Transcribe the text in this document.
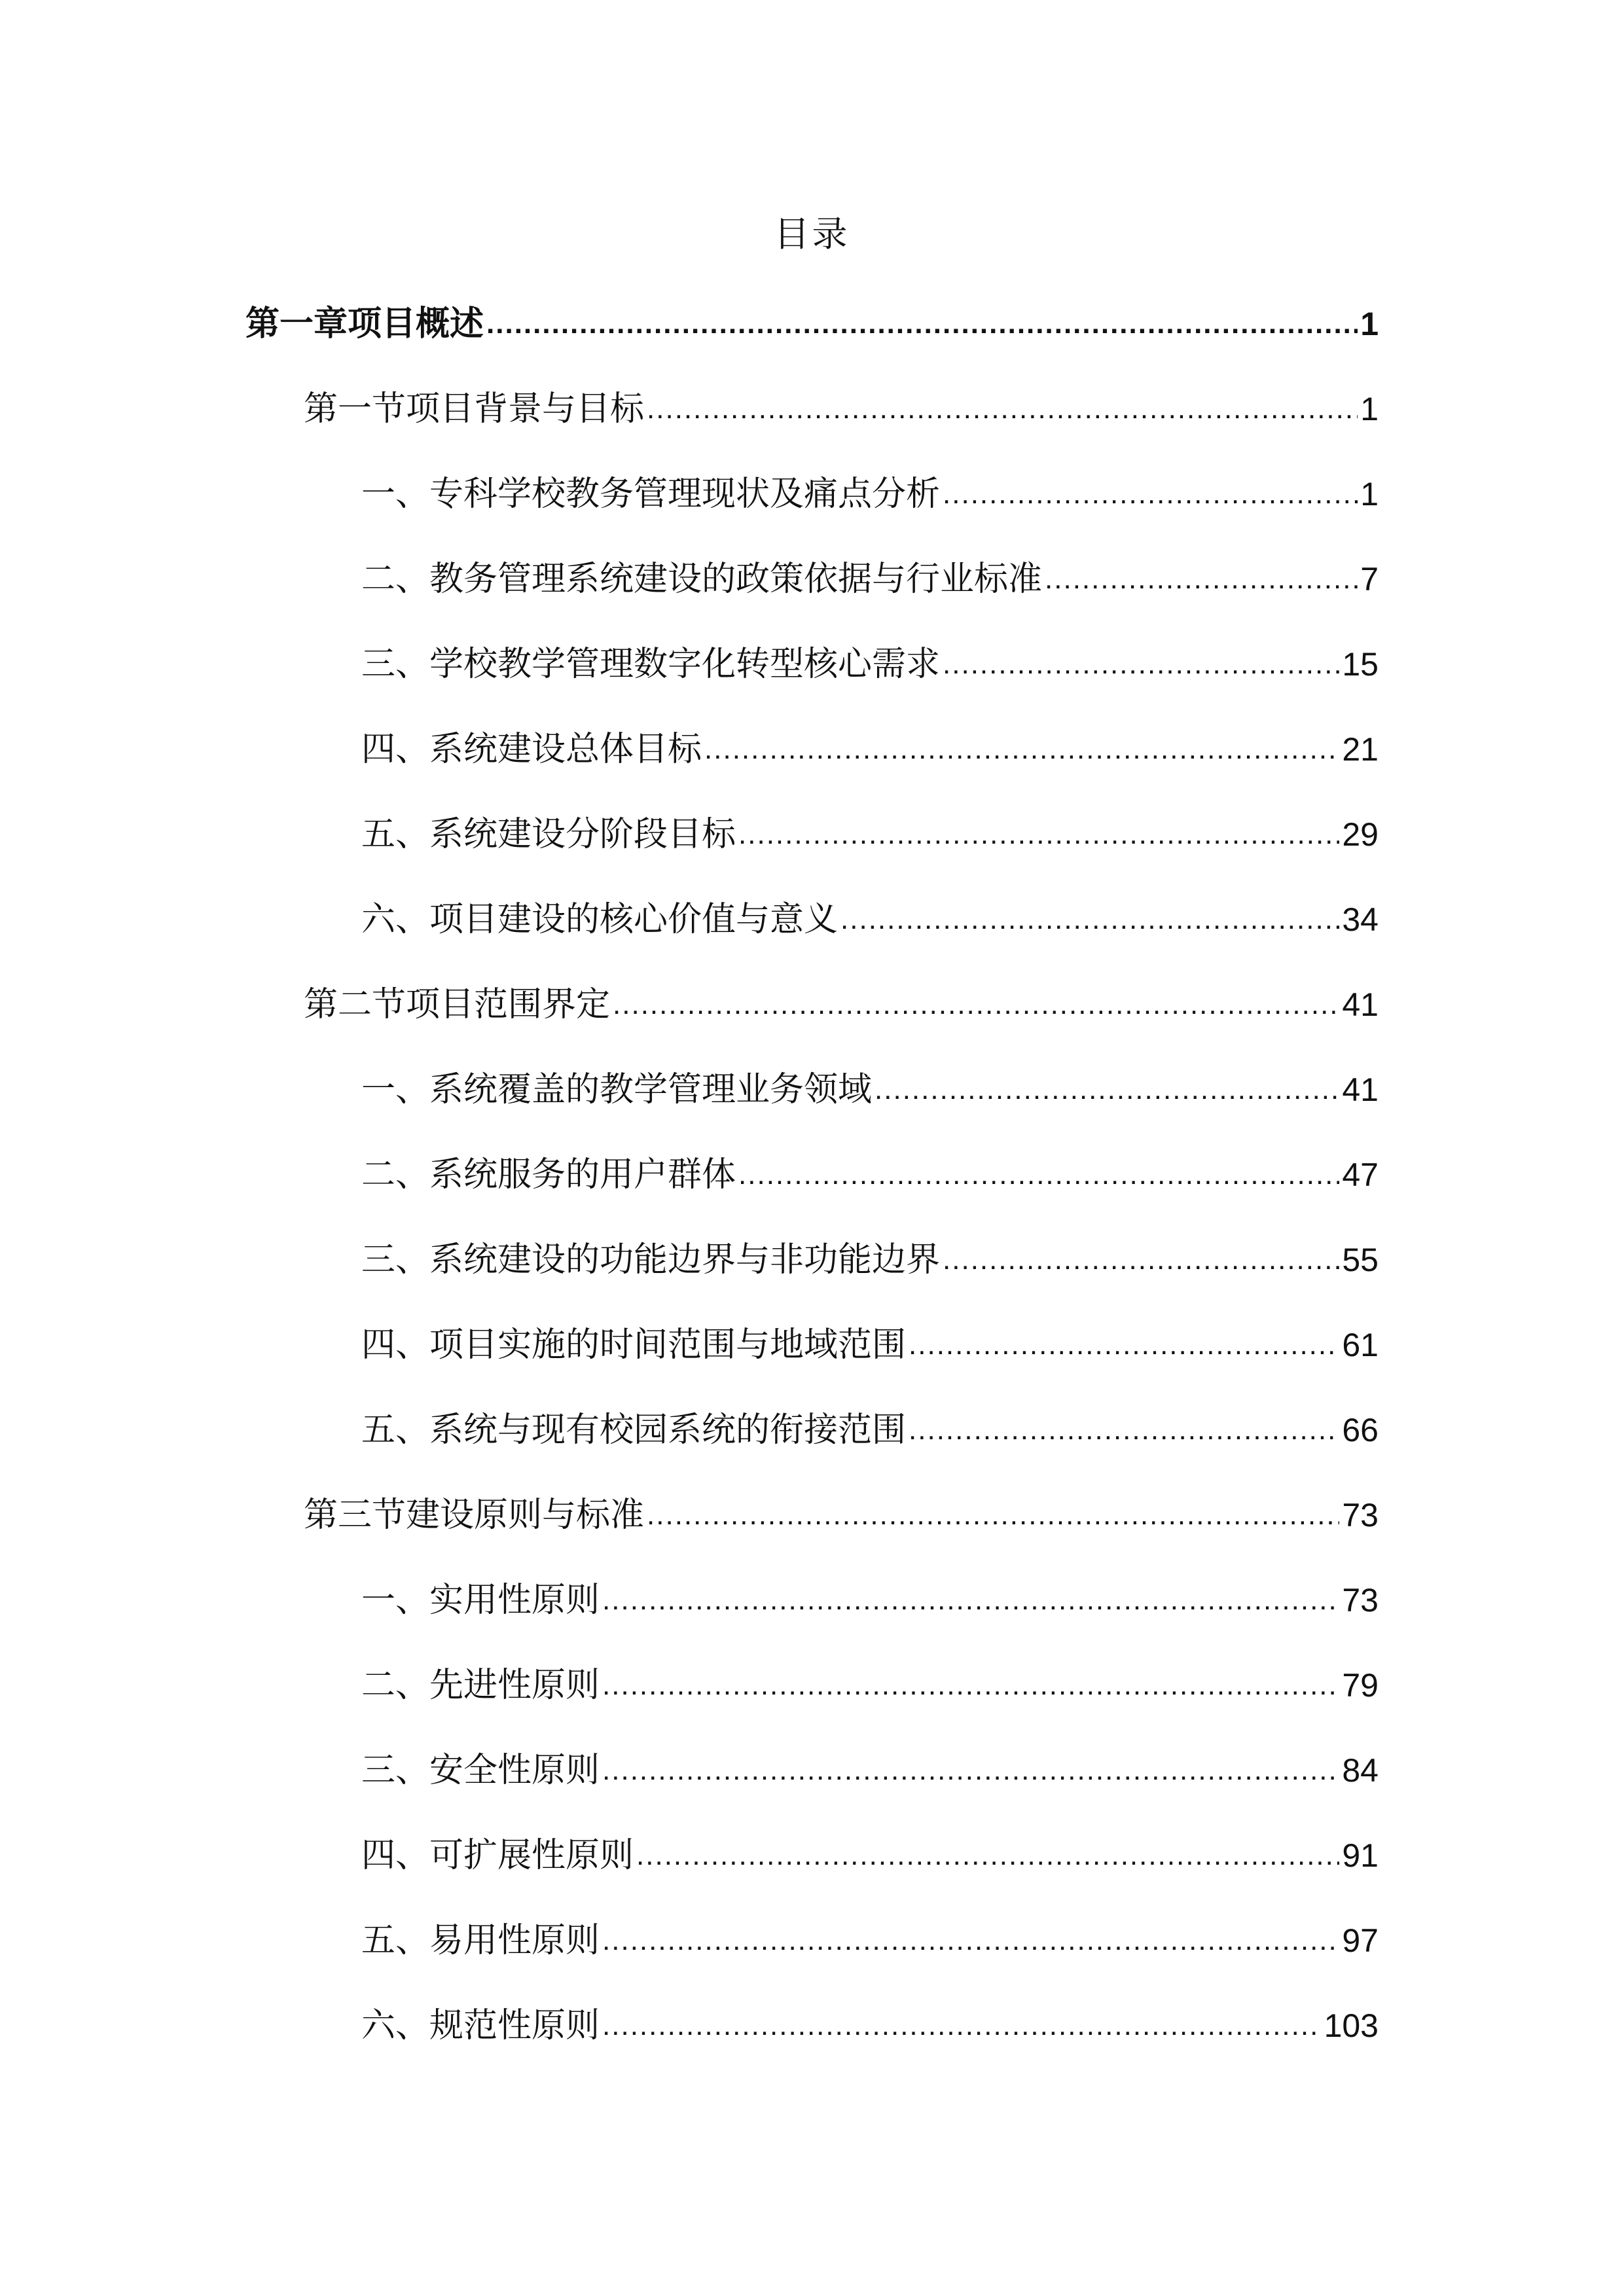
目录
第一章项目概述 .....	1
第一节项目背景与目标 .....	1
一、专科学校教务管理现状及痛点分析 .....	1
二、教务管理系统建设的政策依据与行业标准 .....	7
三、学校教学管理数字化转型核心需求 .....	15
四、系统建设总体目标 .....	21
五、系统建设分阶段目标 .....	29
六、项目建设的核心价值与意义 .....	34
第二节项目范围界定 .....	41
一、系统覆盖的教学管理业务领域 .....	41
二、系统服务的用户群体 .....	47
三、系统建设的功能边界与非功能边界 .....	55
四、项目实施的时间范围与地域范围 .....	61
五、系统与现有校园系统的衔接范围 .....	66
第三节建设原则与标准 .....	73
一、实用性原则 .....	73
二、先进性原则 .....	79
三、安全性原则 .....	84
四、可扩展性原则 .....	91
五、易用性原则 .....	97
六、规范性原则 .....	103
